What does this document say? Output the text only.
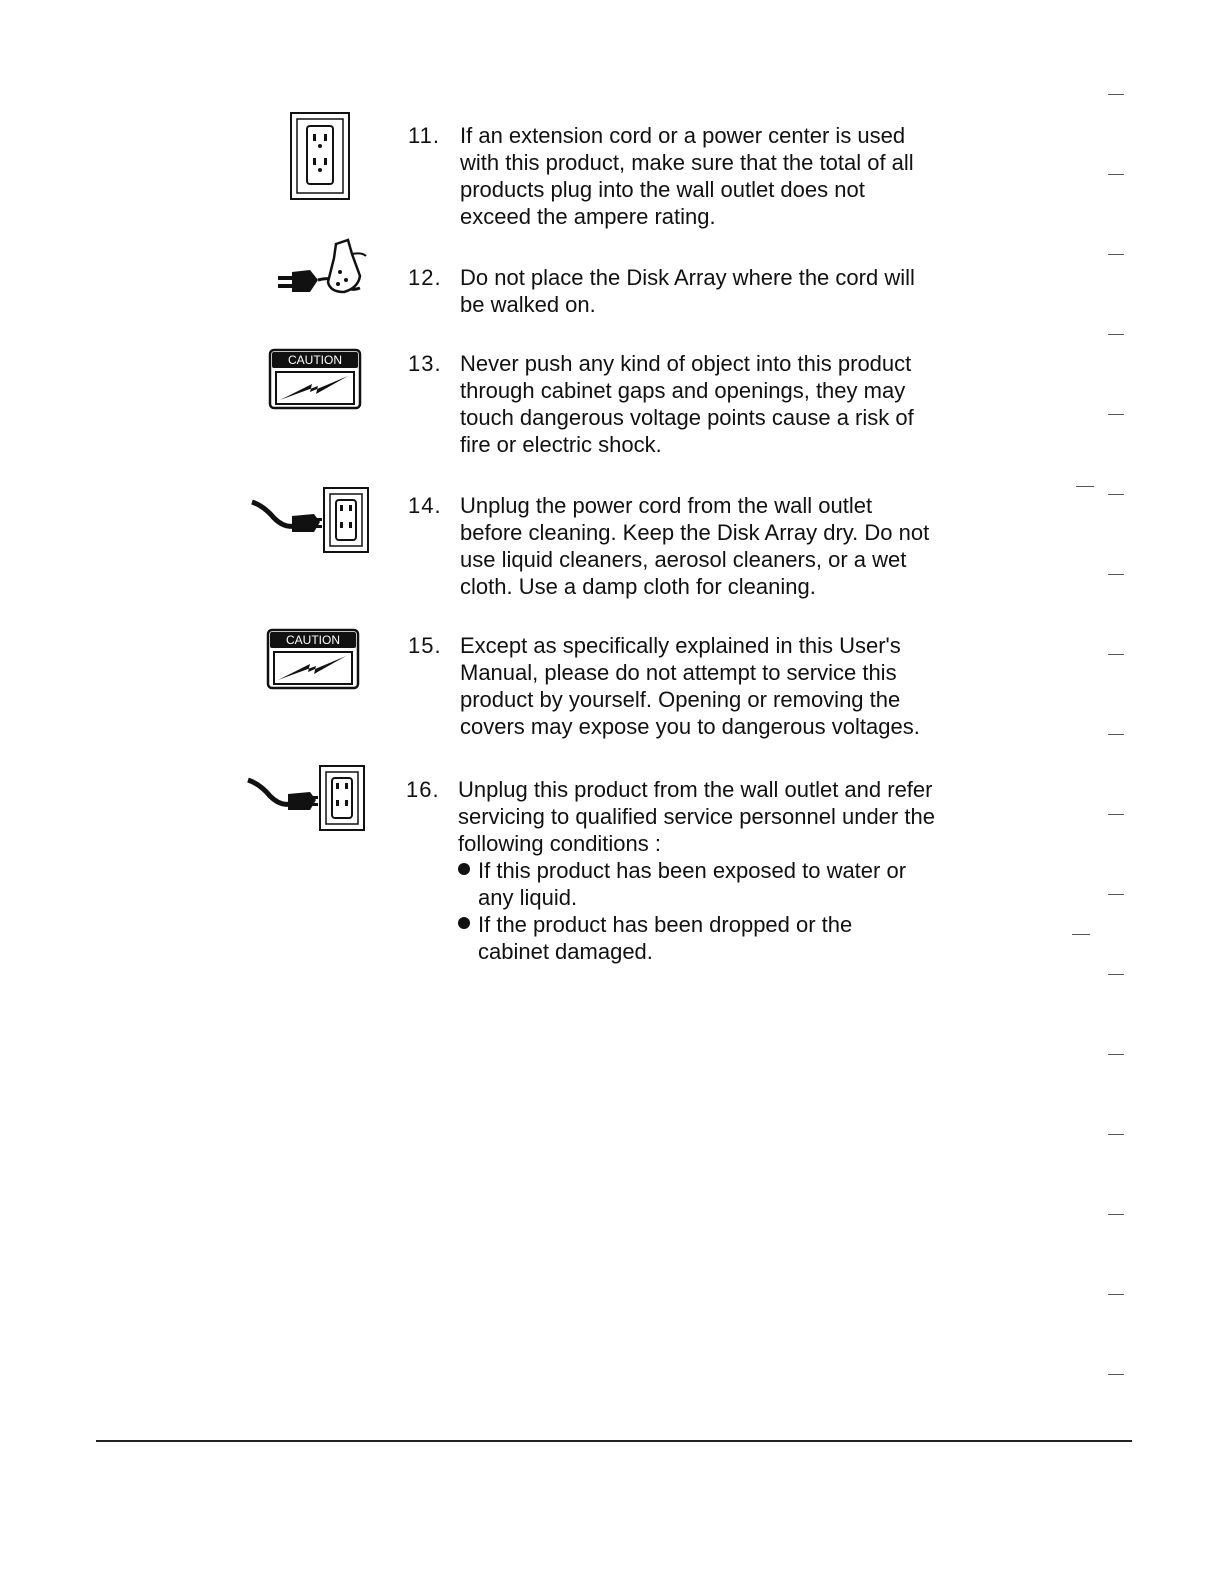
CAUTION
CAUTION
11. If an extension cord or a power center is used
with this product, make sure that the total of all
products plug into the wall outlet does not
exceed the ampere rating.
12. Do not place the Disk Array where the cord will
be walked on.
13. Never push any kind of object into this product
through cabinet gaps and openings, they may
touch dangerous voltage points cause a risk of
fire or electric shock.
14. Unplug the power cord from the wall outlet
before cleaning. Keep the Disk Array dry. Do not
use liquid cleaners, aerosol cleaners, or a wet
cloth. Use a damp cloth for cleaning.
15. Except as specifically explained in this User's
Manual, please do not attempt to service this
product by yourself. Opening or removing the
covers may expose you to dangerous voltages.
16. Unplug this product from the wall outlet and refer
servicing to qualified service personnel under the
following conditions :
If this product has been exposed to water or
any liquid.
If the product has been dropped or the
cabinet damaged.
